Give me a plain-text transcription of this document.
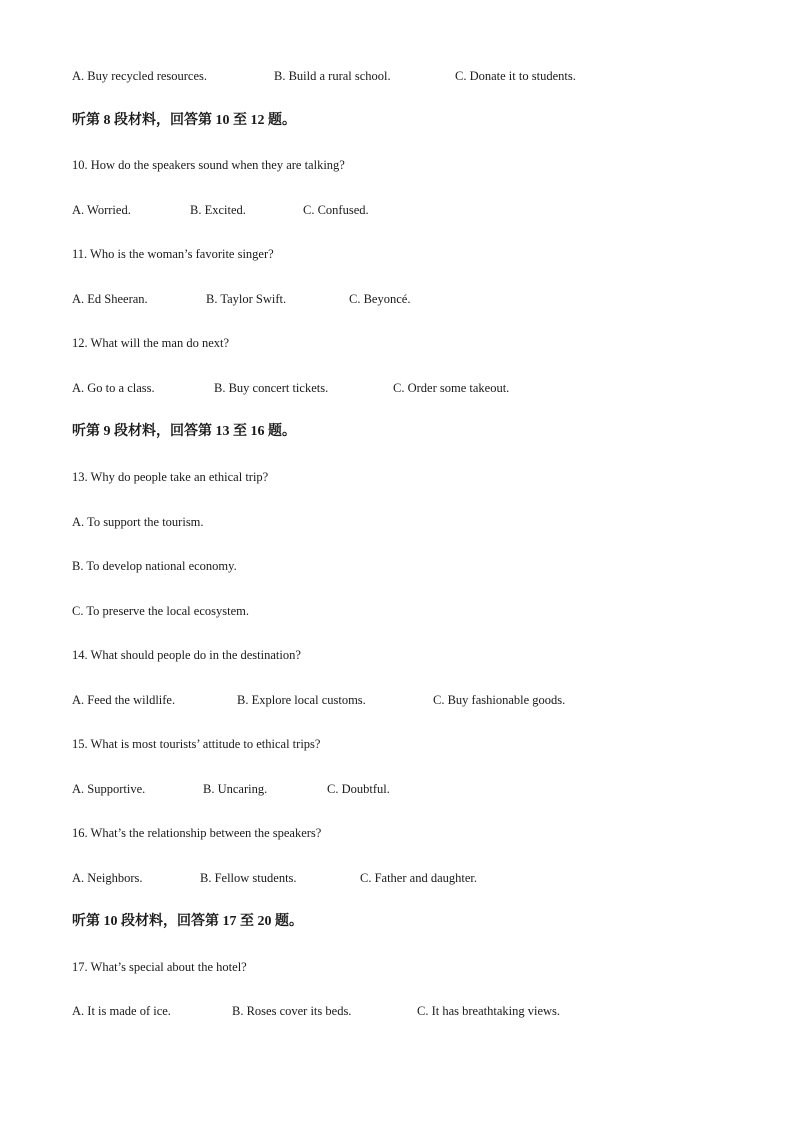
A. Buy recycled resources.	B. Build a rural school.	C. Donate it to students.
听第 8 段材料，回答第 10 至 12 题。
10. How do the speakers sound when they are talking?
A. Worried.	B. Excited.	C. Confused.
11. Who is the woman’s favorite singer?
A. Ed Sheeran.	B. Taylor Swift.	C. Beyoncé.
12. What will the man do next?
A. Go to a class.	B. Buy concert tickets.	C. Order some takeout.
听第 9 段材料，回答第 13 至 16 题。
13. Why do people take an ethical trip?
A. To support the tourism.
B. To develop national economy.
C. To preserve the local ecosystem.
14. What should people do in the destination?
A. Feed the wildlife.	B. Explore local customs.	C. Buy fashionable goods.
15. What is most tourists’ attitude to ethical trips?
A. Supportive.	B. Uncaring.	C. Doubtful.
16. What’s the relationship between the speakers?
A. Neighbors.	B. Fellow students.	C. Father and daughter.
听第 10 段材料，回答第 17 至 20 题。
17. What’s special about the hotel?
A. It is made of ice.	B. Roses cover its beds.	C. It has breathtaking views.
